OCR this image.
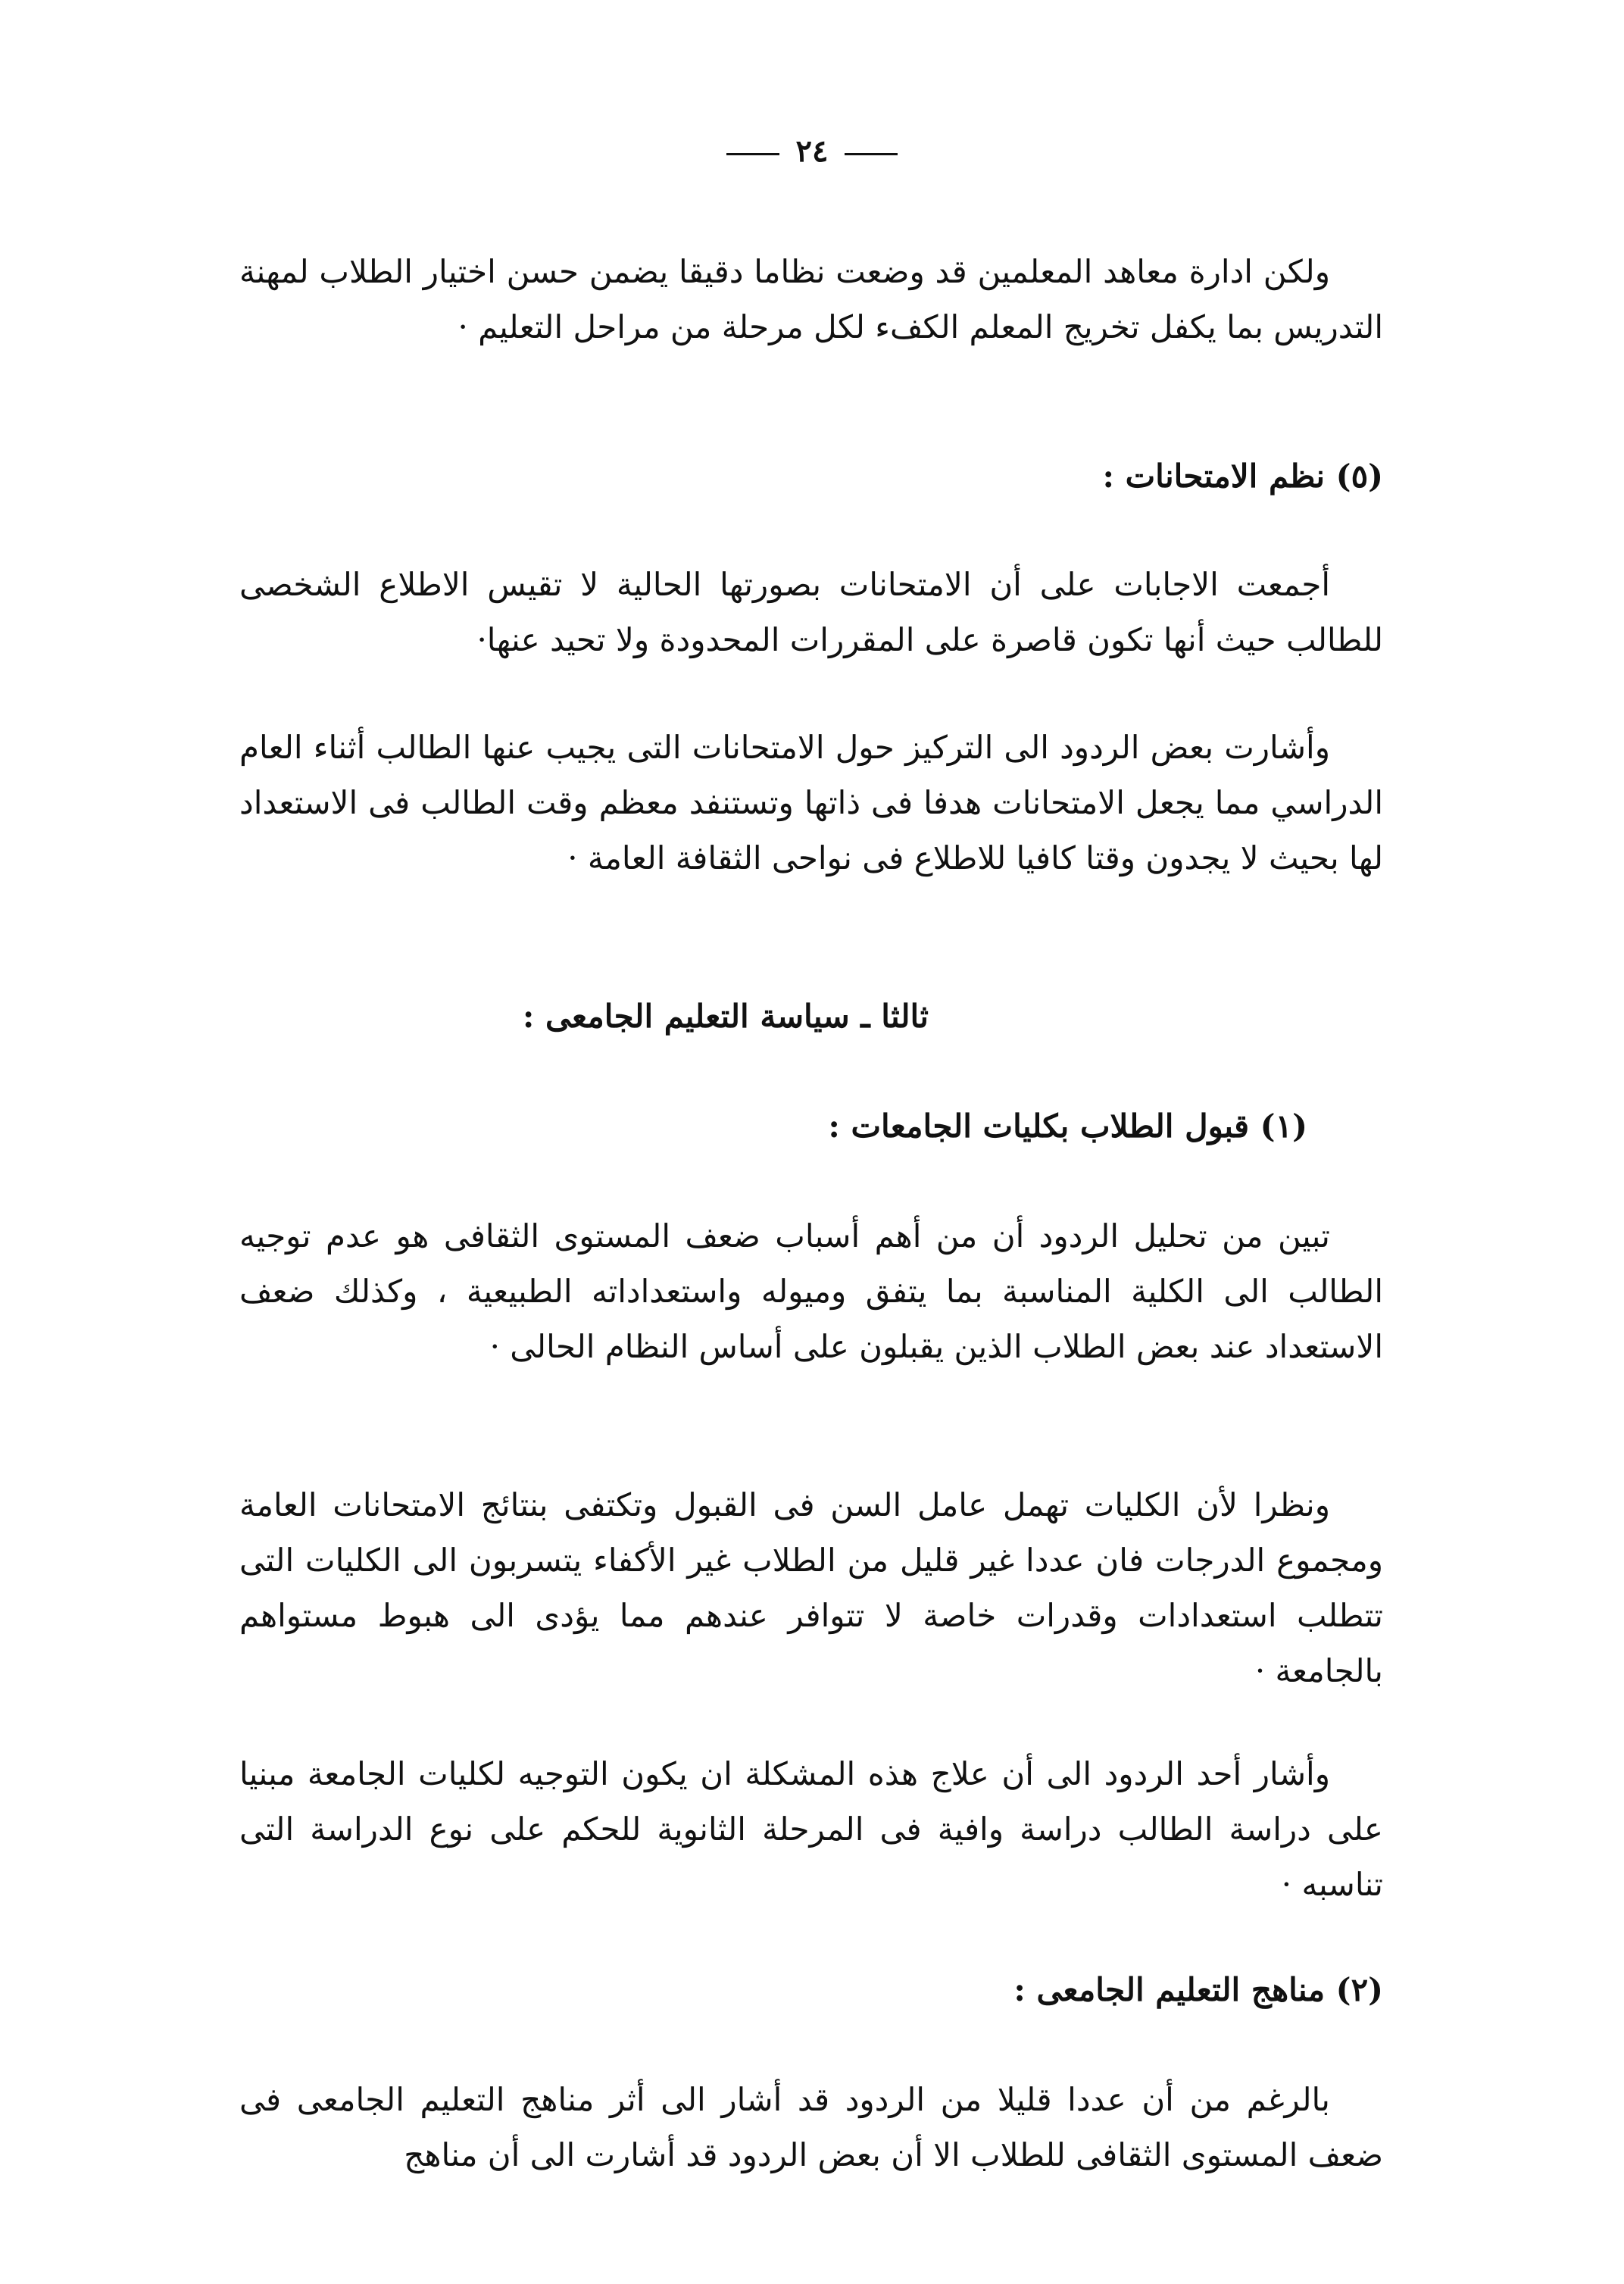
٢٤

ولكن ادارة معاهد المعلمين قد وضعت نظاما دقيقا يضمن حسن اختيار الطلاب لمهنة التدريس بما يكفل تخريج المعلم الكفء لكل مرحلة من مراحل التعليم ·

(٥) نظم الامتحانات :

أجمعت الاجابات على أن الامتحانات بصورتها الحالية لا تقيس الاطلاع الشخصى للطالب حيث أنها تكون قاصرة على المقررات المحدودة ولا تحيد عنها·

وأشارت بعض الردود الى التركيز حول الامتحانات التى يجيب عنها الطالب أثناء العام الدراسي مما يجعل الامتحانات هدفا فى ذاتها وتستنفد معظم وقت الطالب فى الاستعداد لها بحيث لا يجدون وقتا كافيا للاطلاع فى نواحى الثقافة العامة ·

ثالثا ـ سياسة التعليم الجامعى :
(١) قبول الطلاب بكليات الجامعات :

تبين من تحليل الردود أن من أهم أسباب ضعف المستوى الثقافى هو عدم توجيه الطالب الى الكلية المناسبة بما يتفق وميوله واستعداداته الطبيعية ، وكذلك ضعف الاستعداد عند بعض الطلاب الذين يقبلون على أساس النظام الحالى ·

ونظرا لأن الكليات تهمل عامل السن فى القبول وتكتفى بنتائج الامتحانات العامة ومجموع الدرجات فان عددا غير قليل من الطلاب غير الأكفاء يتسربون الى الكليات التى تتطلب استعدادات وقدرات خاصة لا تتوافر عندهم مما يؤدى الى هبوط مستواهم بالجامعة ·

وأشار أحد الردود الى أن علاج هذه المشكلة ان يكون التوجيه لكليات الجامعة مبنيا على دراسة الطالب دراسة وافية فى المرحلة الثانوية للحكم على نوع الدراسة التى تناسبه ·

(٢) مناهج التعليم الجامعى :

بالرغم من أن عددا قليلا من الردود قد أشار الى أثر مناهج التعليم الجامعى فى ضعف المستوى الثقافى للطلاب الا أن بعض الردود قد أشارت الى أن مناهج
